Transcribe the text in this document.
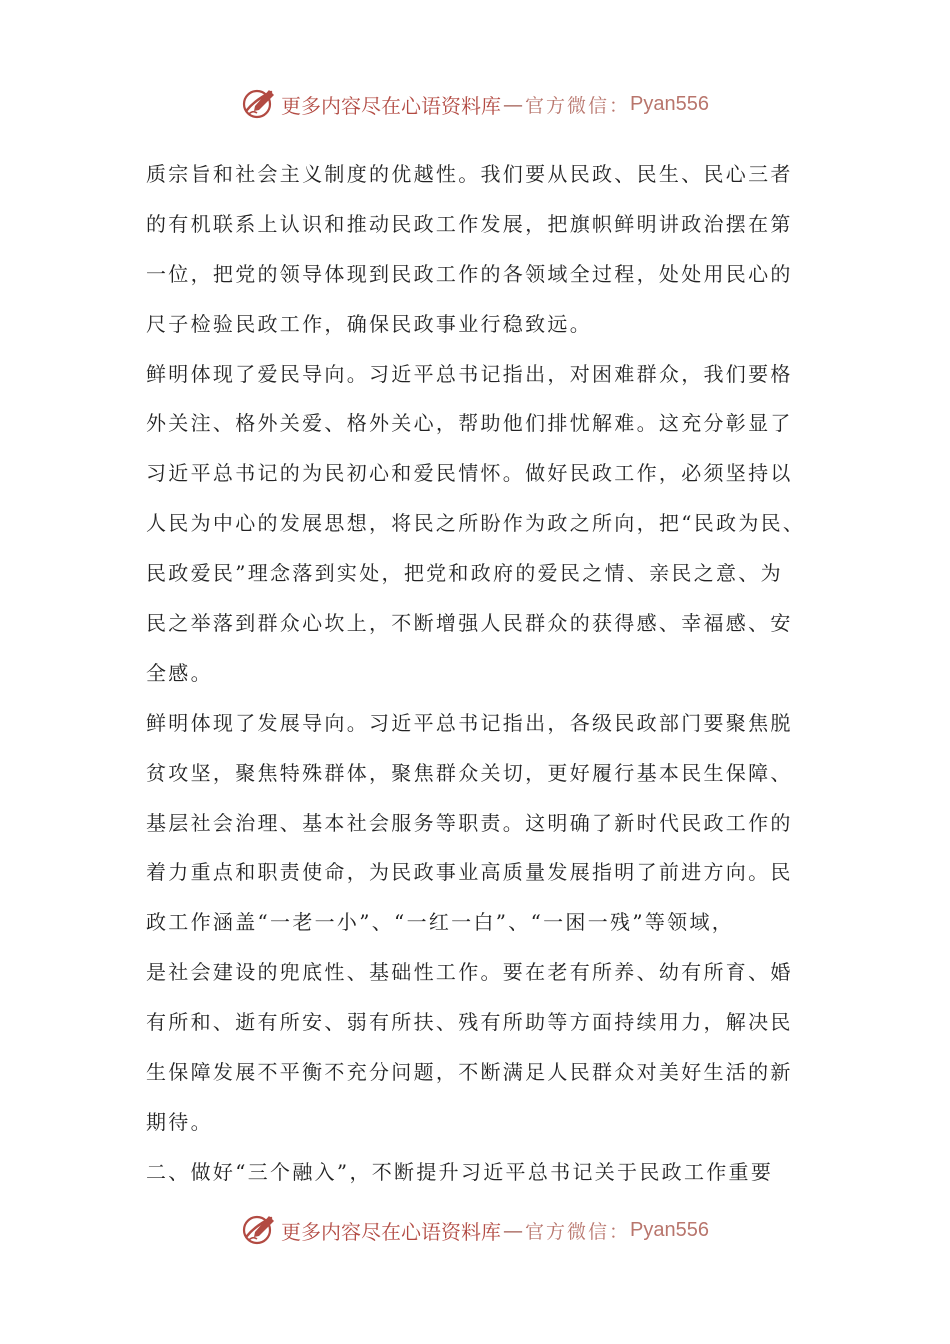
更多内容尽在心语资料库 — 官方微信： Pyan556
质宗旨和社会主义制度的优越性。我们要从民政、民生、民心三者
的有机联系上认识和推动民政工作发展，把旗帜鲜明讲政治摆在第
一位，把党的领导体现到民政工作的各领域全过程，处处用民心的
尺子检验民政工作，确保民政事业行稳致远。
鲜明体现了爱民导向。习近平总书记指出，对困难群众，我们要格
外关注、格外关爱、格外关心，帮助他们排忧解难。这充分彰显了
习近平总书记的为民初心和爱民情怀。做好民政工作，必须坚持以
人民为中心的发展思想，将民之所盼作为政之所向，把“民政为民、
民政爱民”理念落到实处，把党和政府的爱民之情、亲民之意、为
民之举落到群众心坎上，不断增强人民群众的获得感、幸福感、安
全感。
鲜明体现了发展导向。习近平总书记指出，各级民政部门要聚焦脱
贫攻坚，聚焦特殊群体，聚焦群众关切，更好履行基本民生保障、
基层社会治理、基本社会服务等职责。这明确了新时代民政工作的
着力重点和职责使命，为民政事业高质量发展指明了前进方向。民
政工作涵盖“一老一小”、“一红一白”、“一困一残”等领域，
是社会建设的兜底性、基础性工作。要在老有所养、幼有所育、婚
有所和、逝有所安、弱有所扶、残有所助等方面持续用力，解决民
生保障发展不平衡不充分问题，不断满足人民群众对美好生活的新
期待。
二、做好“三个融入”，不断提升习近平总书记关于民政工作重要
更多内容尽在心语资料库 — 官方微信： Pyan556
